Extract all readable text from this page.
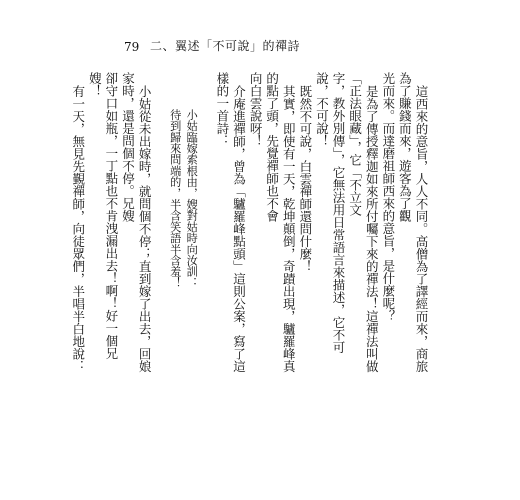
79 二、翼述「不可說」的禪詩

這西來的意旨，人人不同。高僧為了譯經而來，商旅為了賺錢而來，遊客為了觀

光而來。而達磨祖師西來的意旨，是什麼呢？

是為了傳授釋迦如來所付囑下來的禪法！這禪法叫做「正法眼藏」，它「不立文

字，教外別傳」，它無法用日常語言來描述，它不可說，不可說！

既然不可說，白雲禪師還問什麼！

其實，即使有一天，乾坤顛倒，奇蹟出現，驢羅峰真的點了頭，先覺禪師也不會

向白雲說呀！

介庵進禪師，曾為「驢羅峰點頭」這則公案，寫了這樣的一首詩：

小姑臨嫁索根由，嫂對姑時向汝訓：

待到歸來問端的，半含笑語半含羞！

小姑從未出嫁時，就問個不停；直到嫁了出去，回娘家時，還是問個不停。兄嫂

卻守口如瓶，一丁點也不肯洩漏出去！啊！好一個兄嫂！

有一天，無見先覲禪師，向徒眾們，半唱半白地說：
